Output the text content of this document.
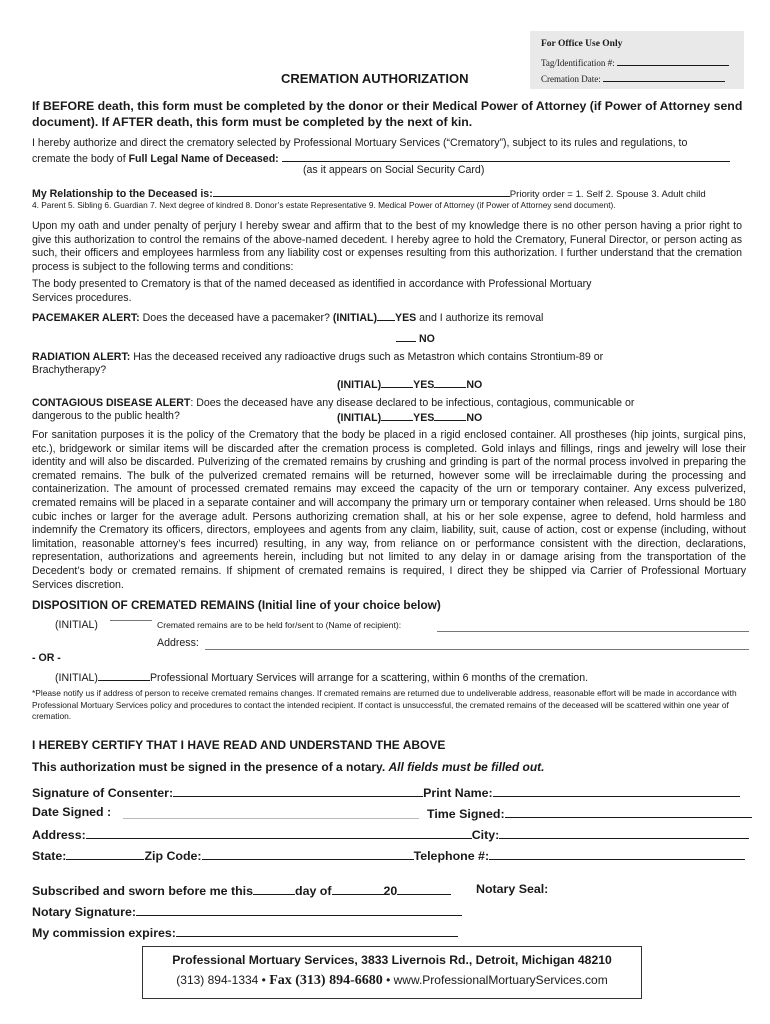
For Office Use Only
Tag/Identification #:
Cremation Date:
CREMATION AUTHORIZATION
If BEFORE death, this form must be completed by the donor or their Medical Power of Attorney (if Power of Attorney send document). If AFTER death, this form must be completed by the next of kin.
I hereby authorize and direct the crematory selected by Professional Mortuary Services (“Crematory”), subject to its rules and regulations, to
cremate the body of Full Legal Name of Deceased:
(as it appears on Social Security Card)
My Relationship to the Deceased is:	Priority order = 1. Self 2. Spouse 3. Adult child
4. Parent 5. Sibling 6. Guardian 7. Next degree of kindred 8. Donor’s estate Representative 9. Medical Power of Attorney (if Power of Attorney send document).
Upon my oath and under penalty of perjury I hereby swear and affirm that to the best of my knowledge there is no other person having a prior right to give this authorization to control the remains of the above-named decedent. I hereby agree to hold the Crematory, Funeral Director, or person acting as such, their officers and employees harmless from any liability cost or expenses resulting from this authorization. I further understand that the cremation process is subject to the following terms and conditions:
The body presented to Crematory is that of the named deceased as identified in accordance with Professional Mortuary Services procedures.
PACEMAKER ALERT: Does the deceased have a pacemaker? (INITIAL) YES and I authorize its removal
NO
RADIATION ALERT: Has the deceased received any radioactive drugs such as Metastron which contains Strontium-89 or
Brachytherapy?
(INITIAL)	YES	NO
CONTAGIOUS DISEASE ALERT: Does the deceased have any disease declared to be infectious, contagious, communicable or
dangerous to the public health?	(INITIAL)	YES	NO
For sanitation purposes it is the policy of the Crematory that the body be placed in a rigid enclosed container. All prostheses (hip joints, surgical pins, etc.), bridgework or similar items will be discarded after the cremation process is completed. Gold inlays and fillings, rings and jewelry will lose their identity and will also be discarded. Pulverizing of the cremated remains by crushing and grinding is part of the normal process involved in preparing the cremated remains. The bulk of the pulverized cremated remains will be returned, however some will be irreclaimable during the processing and containerization. The amount of processed cremated remains may exceed the capacity of the urn or temporary container. Any excess pulverized, cremated remains will be placed in a separate container and will accompany the primary urn or temporary container when released. Urns should be 180 cubic inches or larger for the average adult. Persons authorizing cremation shall, at his or her sole expense, agree to defend, hold harmless and indemnify the Crematory its officers, directors, employees and agents from any claim, liability, suit, cause of action, cost or expense (including, without limitation, reasonable attorney’s fees incurred) resulting, in any way, from reliance on or performance consistent with the direction, declarations, representation, authorizations and agreements herein, including but not limited to any delay in or damage arising from the transportation of the Decedent’s body or cremated remains. If shipment of cremated remains is required, I direct they be shipped via Carrier of Professional Mortuary Services discretion.
DISPOSITION OF CREMATED REMAINS (Initial line of your choice below)
(INITIAL)	Cremated remains are to be held for/sent to (Name of recipient):
Address:
- OR -
(INITIAL)	Professional Mortuary Services will arrange for a scattering, within 6 months of the cremation.
*Please notify us if address of person to receive cremated remains changes. If cremated remains are returned due to undeliverable address, reasonable effort will be made in accordance with Professional Mortuary Services policy and procedures to contact the intended recipient. If contact is unsuccessful, the cremated remains of the deceased will be scattered within one year of cremation.
I HEREBY CERTIFY THAT I HAVE READ AND UNDERSTAND THE ABOVE
This authorization must be signed in the presence of a notary. All fields must be filled out.
Signature of Consenter:	Print Name:
Date Signed :	Time Signed:
Address:	City:
State:	Zip Code:	Telephone #:
Subscribed and sworn before me this	day of	20	Notary Seal:
Notary Signature:
My commission expires:
Professional Mortuary Services, 3833 Livernois Rd., Detroit, Michigan 48210
(313) 894-1334 • Fax (313) 894-6680 • www.ProfessionalMortuaryServices.com
